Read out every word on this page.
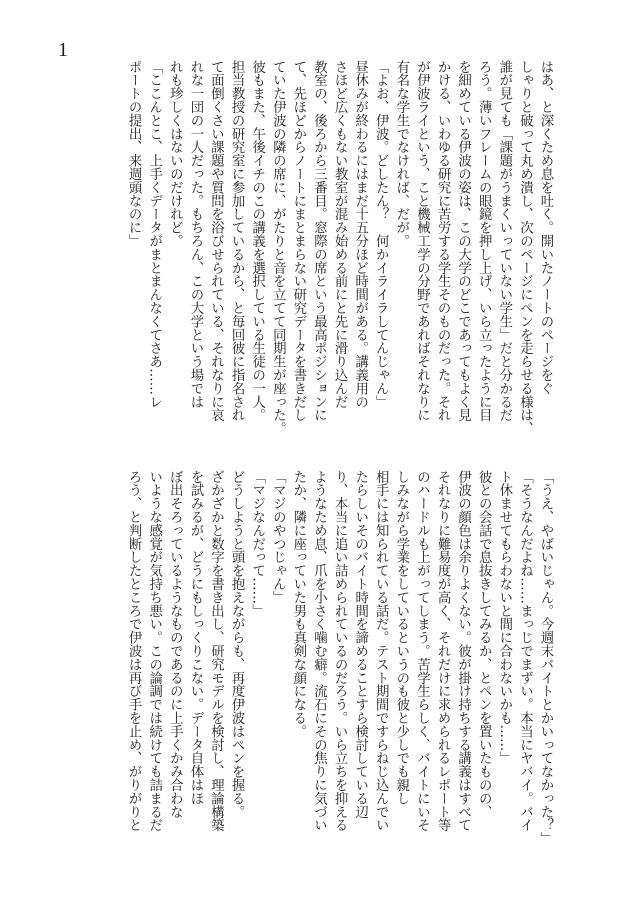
1
はあ、と深くため息を吐く。開いたノートのページをぐ
しゃりと破って丸め潰し、次のページにペンを走らせる様は、
誰が見ても「課題がうまくいっていない学生」だと分かるだ
ろう。薄いフレームの眼鏡を押し上げ、いら立ったように目
を細めている伊波の姿は、この大学のどこであってもよく見
かける、いわゆる研究に苦労する学生そのものだった。それ
が伊波ライという、こと機械工学の分野であればそれなりに
有名な学生でなければ、だが。
「よお、伊波。どしたん？　何かイライラしてんじゃん」
昼休みが終わるにはまだ十五分ほど時間がある。講義用の
さほど広くもない教室が混み始める前にと先に滑り込んだ
教室の、後ろから三番目。窓際の席という最高ポジションに
て、先ほどからノートにまとまらない研究データを書きだし
ていた伊波の隣の席に、がたりと音を立てて同期生が座った。
彼もまた、午後イチのこの講義を選択している生徒の一人。
担当教授の研究室に参加しているから、と毎回彼に指名され
て面倒くさい課題や質問を浴びせられている、それなりに哀
れな一団の一人だった。もちろん、この大学という場では
れも珍しくはないのだけれど。
「ここんとこ、上手くデータがまとまんなくてさあ……レ
ポートの提出、来週頭なのに」
「うえ、やばいじゃん。今週末バイトとかいってなかった？」
「そうなんだよね……まっじでまずい。本当にヤバイ。バイ
ト休ませてもらわないと間に合わないかも……」
彼との会話で息抜きしてみるか、とペンを置いたものの、
伊波の顔色は余りよくない。彼が掛け持ちする講義はすべて
それなりに難易度が高く、それだけに求められるレポート等
のハードルも上がってしまう。苦学生らしく、バイトにいそ
しみながら学業をしているというのも彼と少しでも親し
相手には知られている話だ。テスト期間ですらねじ込んでい
たらしいそのバイト時間を諦めることすら検討している辺
り、本当に追い詰められているのだろう。いら立ちを抑える
ようなため息、爪を小さく噛む癖。流石にその焦りに気づい
たか、隣に座っていた男も真剣な顔になる。
「マジのやつじゃん」
「マジなんだって……」
どうしようと頭を抱えながらも、再度伊波はペンを握る。
ざかざかと数字を書き出し、研究モデルを検討し、理論構築
を試みるが、どうにもしっくりこない。データ自体はほ
ぼ出そろっているようなものであるのに上手くかみ合わな
いような感覚が気持ち悪い。この論調では続けても詰まるだ
ろう、と判断したところで伊波は再び手を止め、がりがりと
